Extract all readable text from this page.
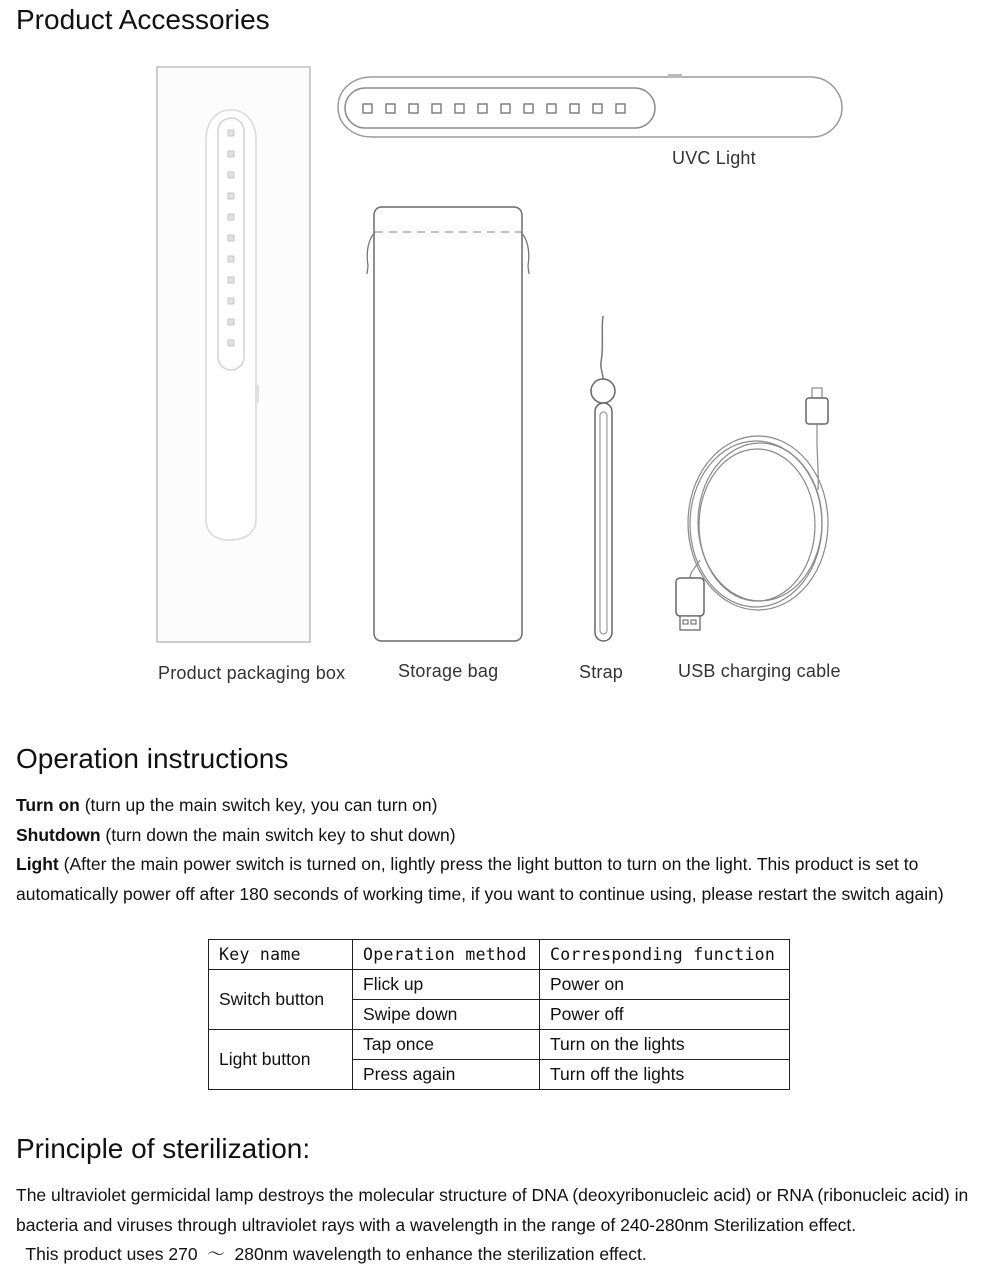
Product Accessories
UVC Light
Product packaging box	Storage bag	Strap	USB charging cable
Operation instructions
Turn on (turn up the main switch key, you can turn on)
Shutdown (turn down the main switch key to shut down)
Light (After the main power switch is turned on, lightly press the light button to turn on the light. This product is set to automatically power off after 180 seconds of working time, if you want to continue using, please restart the switch again)
Key name	Operation method	Corresponding function
Switch button	Flick up	Power on
	Swipe down	Power off
Light button	Tap once	Turn on the lights
	Press again	Turn off the lights
Principle of sterilization:
The ultraviolet germicidal lamp destroys the molecular structure of DNA (deoxyribonucleic acid) or RNA (ribonucleic acid) in bacteria and viruses through ultraviolet rays with a wavelength in the range of 240-280nm Sterilization effect.
This product uses 270  ～  280nm wavelength to enhance the sterilization effect.
